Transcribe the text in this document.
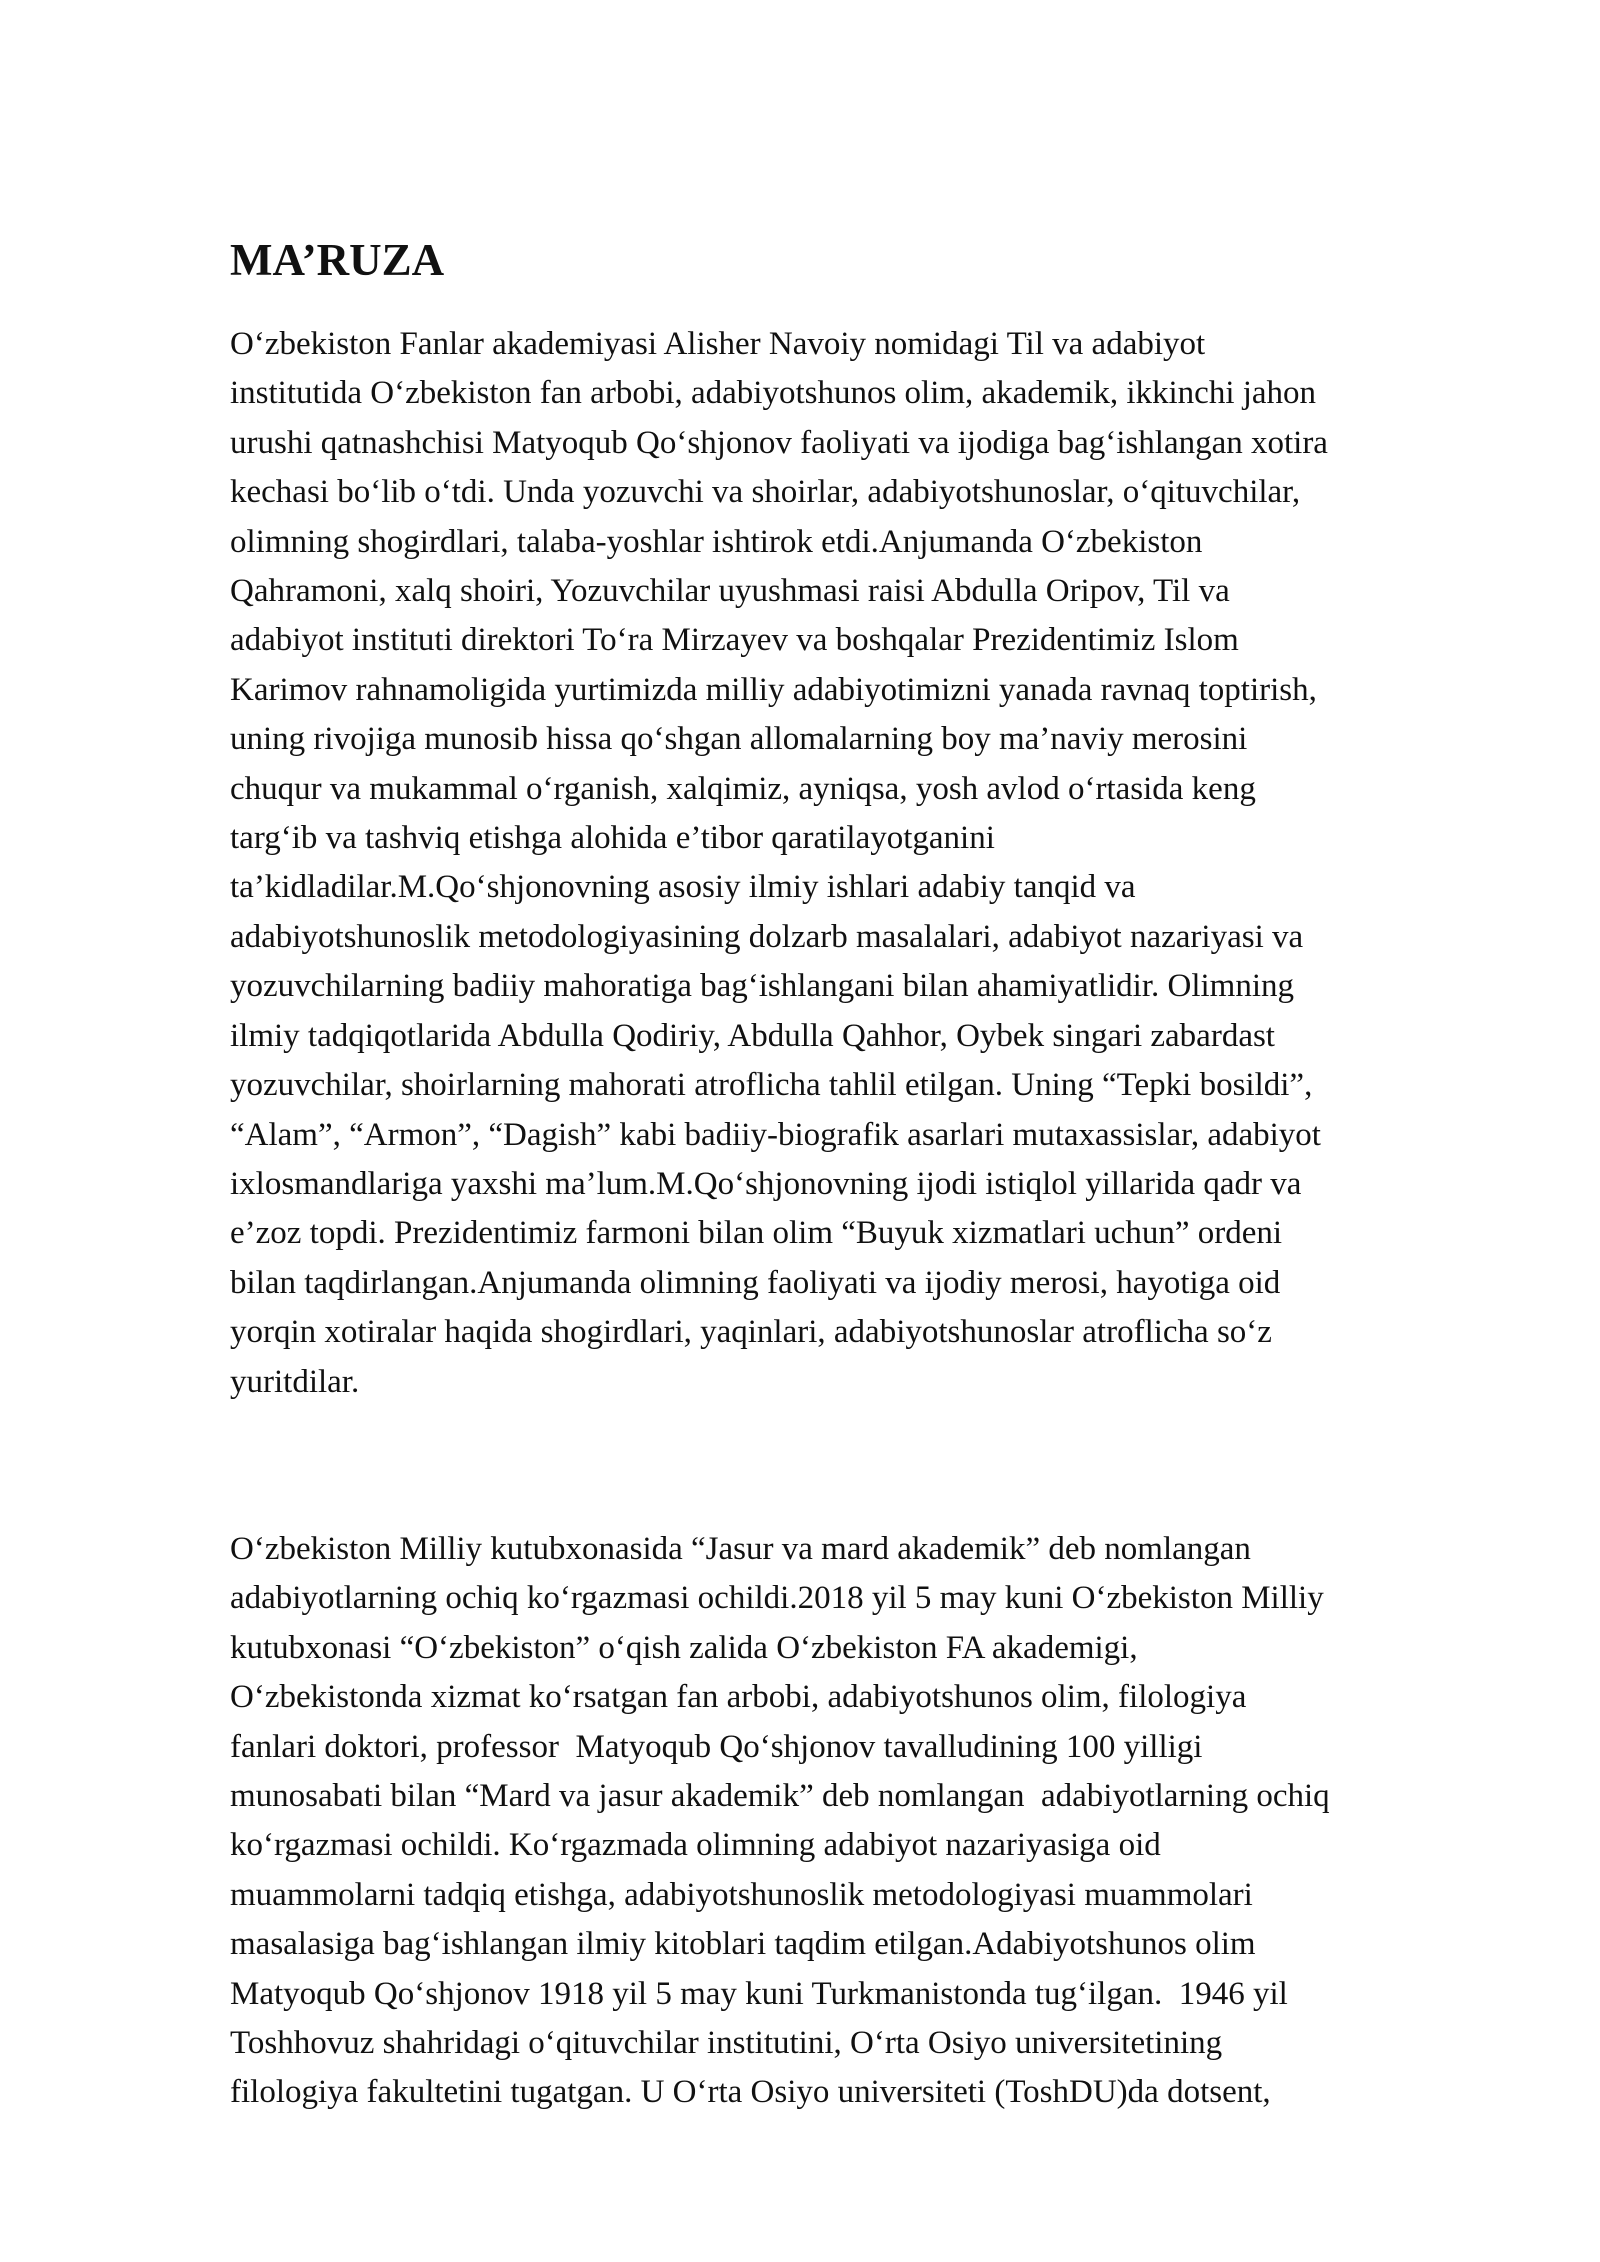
MA’RUZA
O‘zbekiston Fanlar akademiyasi Alisher Navoiy nomidagi Til va adabiyot
institutida O‘zbekiston fan arbobi, adabiyotshunos olim, akademik, ikkinchi jahon
urushi qatnashchisi Matyoqub Qo‘shjonov faoliyati va ijodiga bag‘ishlangan xotira
kechasi bo‘lib o‘tdi. Unda yozuvchi va shoirlar, adabiyotshunoslar, o‘qituvchilar,
olimning shogirdlari, talaba-yoshlar ishtirok etdi.Anjumanda O‘zbekiston
Qahramoni, xalq shoiri, Yozuvchilar uyushmasi raisi Abdulla Oripov, Til va
adabiyot instituti direktori To‘ra Mirzayev va boshqalar Prezidentimiz Islom
Karimov rahnamoligida yurtimizda milliy adabiyotimizni yanada ravnaq toptirish,
uning rivojiga munosib hissa qo‘shgan allomalarning boy ma’naviy merosini
chuqur va mukammal o‘rganish, xalqimiz, ayniqsa, yosh avlod o‘rtasida keng
targ‘ib va tashviq etishga alohida e’tibor qaratilayotganini
ta’kidladilar.M.Qo‘shjonovning asosiy ilmiy ishlari adabiy tanqid va
adabiyotshunoslik metodologiyasining dolzarb masalalari, adabiyot nazariyasi va
yozuvchilarning badiiy mahoratiga bag‘ishlangani bilan ahamiyatlidir. Olimning
ilmiy tadqiqotlarida Abdulla Qodiriy, Abdulla Qahhor, Oybek singari zabardast
yozuvchilar, shoirlarning mahorati atroflicha tahlil etilgan. Uning “Tepki bosildi”,
“Alam”, “Armon”, “Dagish” kabi badiiy-biografik asarlari mutaxassislar, adabiyot
ixlosmandlariga yaxshi ma’lum.M.Qo‘shjonovning ijodi istiqlol yillarida qadr va
e’zoz topdi. Prezidentimiz farmoni bilan olim “Buyuk xizmatlari uchun” ordeni
bilan taqdirlangan.Anjumanda olimning faoliyati va ijodiy merosi, hayotiga oid
yorqin xotiralar haqida shogirdlari, yaqinlari, adabiyotshunoslar atroflicha so‘z
yuritdilar.
O‘zbekiston Milliy kutubxonasida “Jasur va mard akademik” deb nomlangan
adabiyotlarning ochiq ko‘rgazmasi ochildi.2018 yil 5 may kuni O‘zbekiston Milliy
kutubxonasi “O‘zbekiston” o‘qish zalida O‘zbekiston FA akademigi,
O‘zbekistonda xizmat ko‘rsatgan fan arbobi, adabiyotshunos olim, filologiya
fanlari doktori, professor  Matyoqub Qo‘shjonov tavalludining 100 yilligi
munosabati bilan “Mard va jasur akademik” deb nomlangan  adabiyotlarning ochiq
ko‘rgazmasi ochildi. Ko‘rgazmada olimning adabiyot nazariyasiga oid
muammolarni tadqiq etishga, adabiyotshunoslik metodologiyasi muammolari
masalasiga bag‘ishlangan ilmiy kitoblari taqdim etilgan.Adabiyotshunos olim
Matyoqub Qo‘shjonov 1918 yil 5 may kuni Turkmanistonda tug‘ilgan.  1946 yil
Toshhovuz shahridagi o‘qituvchilar institutini, O‘rta Osiyo universitetining
filologiya fakultetini tugatgan. U O‘rta Osiyo universiteti (ToshDU)da dotsent,
